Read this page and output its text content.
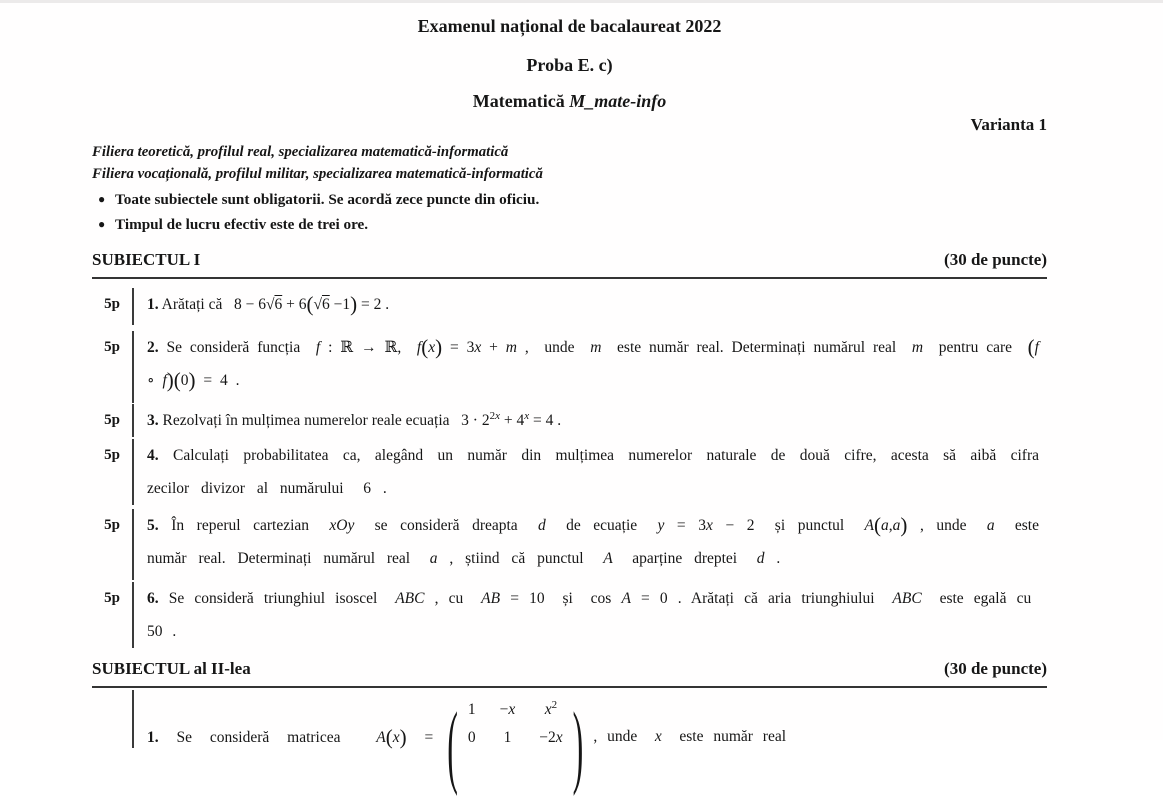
Examenul național de bacalaureat 2022
Proba E. c)
Matematică M_mate-info
Varianta 1
Filiera teoretică, profilul real, specializarea matematică-informatică
Filiera vocațională, profilul militar, specializarea matematică-informatică
● Toate subiectele sunt obligatorii. Se acordă zece puncte din oficiu.
● Timpul de lucru efectiv este de trei ore.
SUBIECTUL I	(30 de puncte)
5p	1. Arătați că  8 − 6√6 + 6(√6 −1) = 2 .
5p	2. Se consideră funcția  f : ℝ → ℝ,  f(x) = 3x + m ,  unde  m  este număr real. Determinați numărul real  m  pentru care  (f ∘ f)(0) = 4 .
5p	3. Rezolvați în mulțimea numerelor reale ecuația  $3 \cdot 2^{2x} + 4^x = 4$ .
5p	4. Calculați probabilitatea ca, alegând un număr din mulțimea numerelor naturale de două cifre, acesta să aibă cifra zecilor divizor al numărului  6 .
5p	5. În reperul cartezian  xOy  se consideră dreapta  d  de ecuație  y = 3x − 2  și punctul  A(a,a) , unde  a  este număr real. Determinați numărul real  a , știind că punctul  A  aparține dreptei  d .
5p	6. Se consideră triunghiul isoscel  ABC , cu  AB = 10  și  cos A = 0 . Arătați că aria triunghiului  ABC  este egală cu  50 .
SUBIECTUL al II-lea	(30 de puncte)
1. Se consideră matricea A(x) = ( 1 −x	$x^2$
0 1 −2x ) , unde  x  este număr real
